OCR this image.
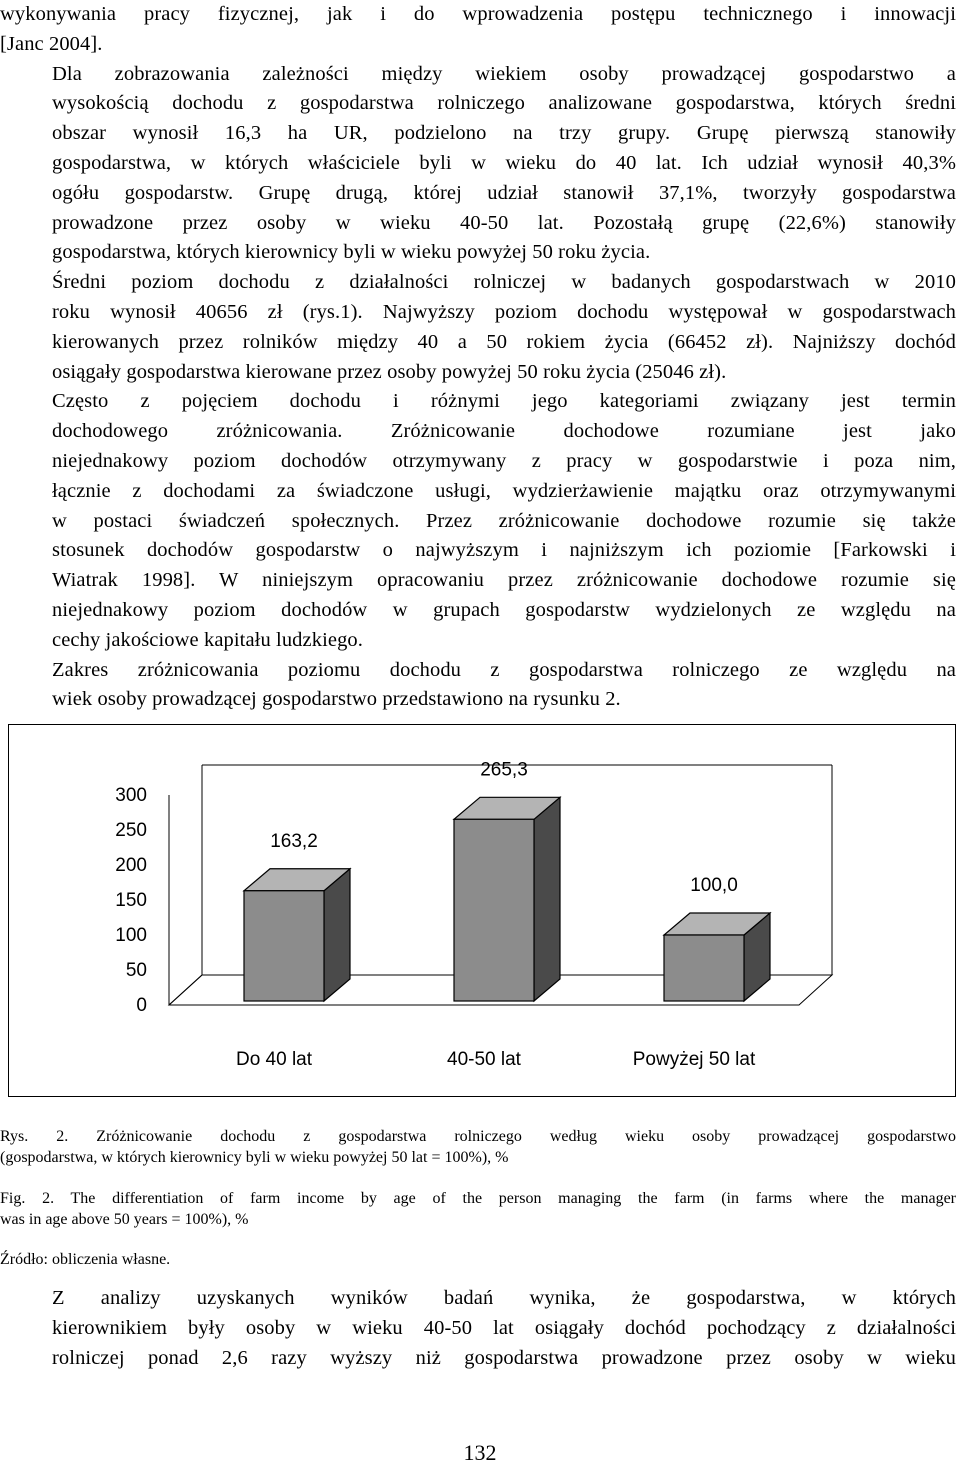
wykonywania pracy fizycznej, jak i do wprowadzenia postępu technicznego i innowacji
[Janc 2004].

Dla zobrazowania zależności między wiekiem osoby prowadzącej gospodarstwo a
wysokością dochodu z gospodarstwa rolniczego analizowane gospodarstwa, których średni
obszar wynosił 16,3 ha UR, podzielono na trzy grupy. Grupę pierwszą stanowiły
gospodarstwa, w których właściciele byli w wieku do 40 lat. Ich udział wynosił 40,3%
ogółu gospodarstw. Grupę drugą, której udział stanowił 37,1%, tworzyły gospodarstwa
prowadzone przez osoby w wieku 40-50 lat. Pozostałą grupę (22,6%) stanowiły
gospodarstwa, których kierownicy byli w wieku powyżej 50 roku życia.

Średni poziom dochodu z działalności rolniczej w badanych gospodarstwach w 2010
roku wynosił 40656 zł (rys.1). Najwyższy poziom dochodu występował w gospodarstwach
kierowanych przez rolników między 40 a 50 rokiem życia (66452 zł). Najniższy dochód
osiągały gospodarstwa kierowane przez osoby powyżej 50 roku życia (25046 zł).

Często z pojęciem dochodu i różnymi jego kategoriami związany jest termin
dochodowego zróżnicowania. Zróżnicowanie dochodowe rozumiane jest jako
niejednakowy poziom dochodów otrzymywany z pracy w gospodarstwie i poza nim,
łącznie z dochodami za świadczone usługi, wydzierżawienie majątku oraz otrzymywanymi
w postaci świadczeń społecznych. Przez zróżnicowanie dochodowe rozumie się także
stosunek dochodów gospodarstw o najwyższym i najniższym ich poziomie [Farkowski i
Wiatrak 1998]. W niniejszym opracowaniu przez zróżnicowanie dochodowe rozumie się
niejednakowy poziom dochodów w grupach gospodarstw wydzielonych ze względu na
cechy jakościowe kapitału ludzkiego.

Zakres zróżnicowania poziomu dochodu z gospodarstwa rolniczego ze względu na
wiek osoby prowadzącej gospodarstwo przedstawiono na rysunku 2.

0
50
100
150
200
250
300
163,2
Do 40 lat
265,3
40-50 lat
100,0
Powyżej 50 lat

Rys. 2. Zróżnicowanie dochodu z gospodarstwa rolniczego według wieku osoby prowadzącej gospodarstwo
(gospodarstwa, w których kierownicy byli w wieku powyżej 50 lat = 100%), %

Fig. 2. The differentiation of farm income by age of the person managing the farm (in farms where the manager
was in age above 50 years = 100%), %

Źródło: obliczenia własne.

Z analizy uzyskanych wyników badań wynika, że gospodarstwa, w których
kierownikiem były osoby w wieku 40-50 lat osiągały dochód pochodzący z działalności
rolniczej ponad 2,6 razy wyższy niż gospodarstwa prowadzone przez osoby w wieku

132
